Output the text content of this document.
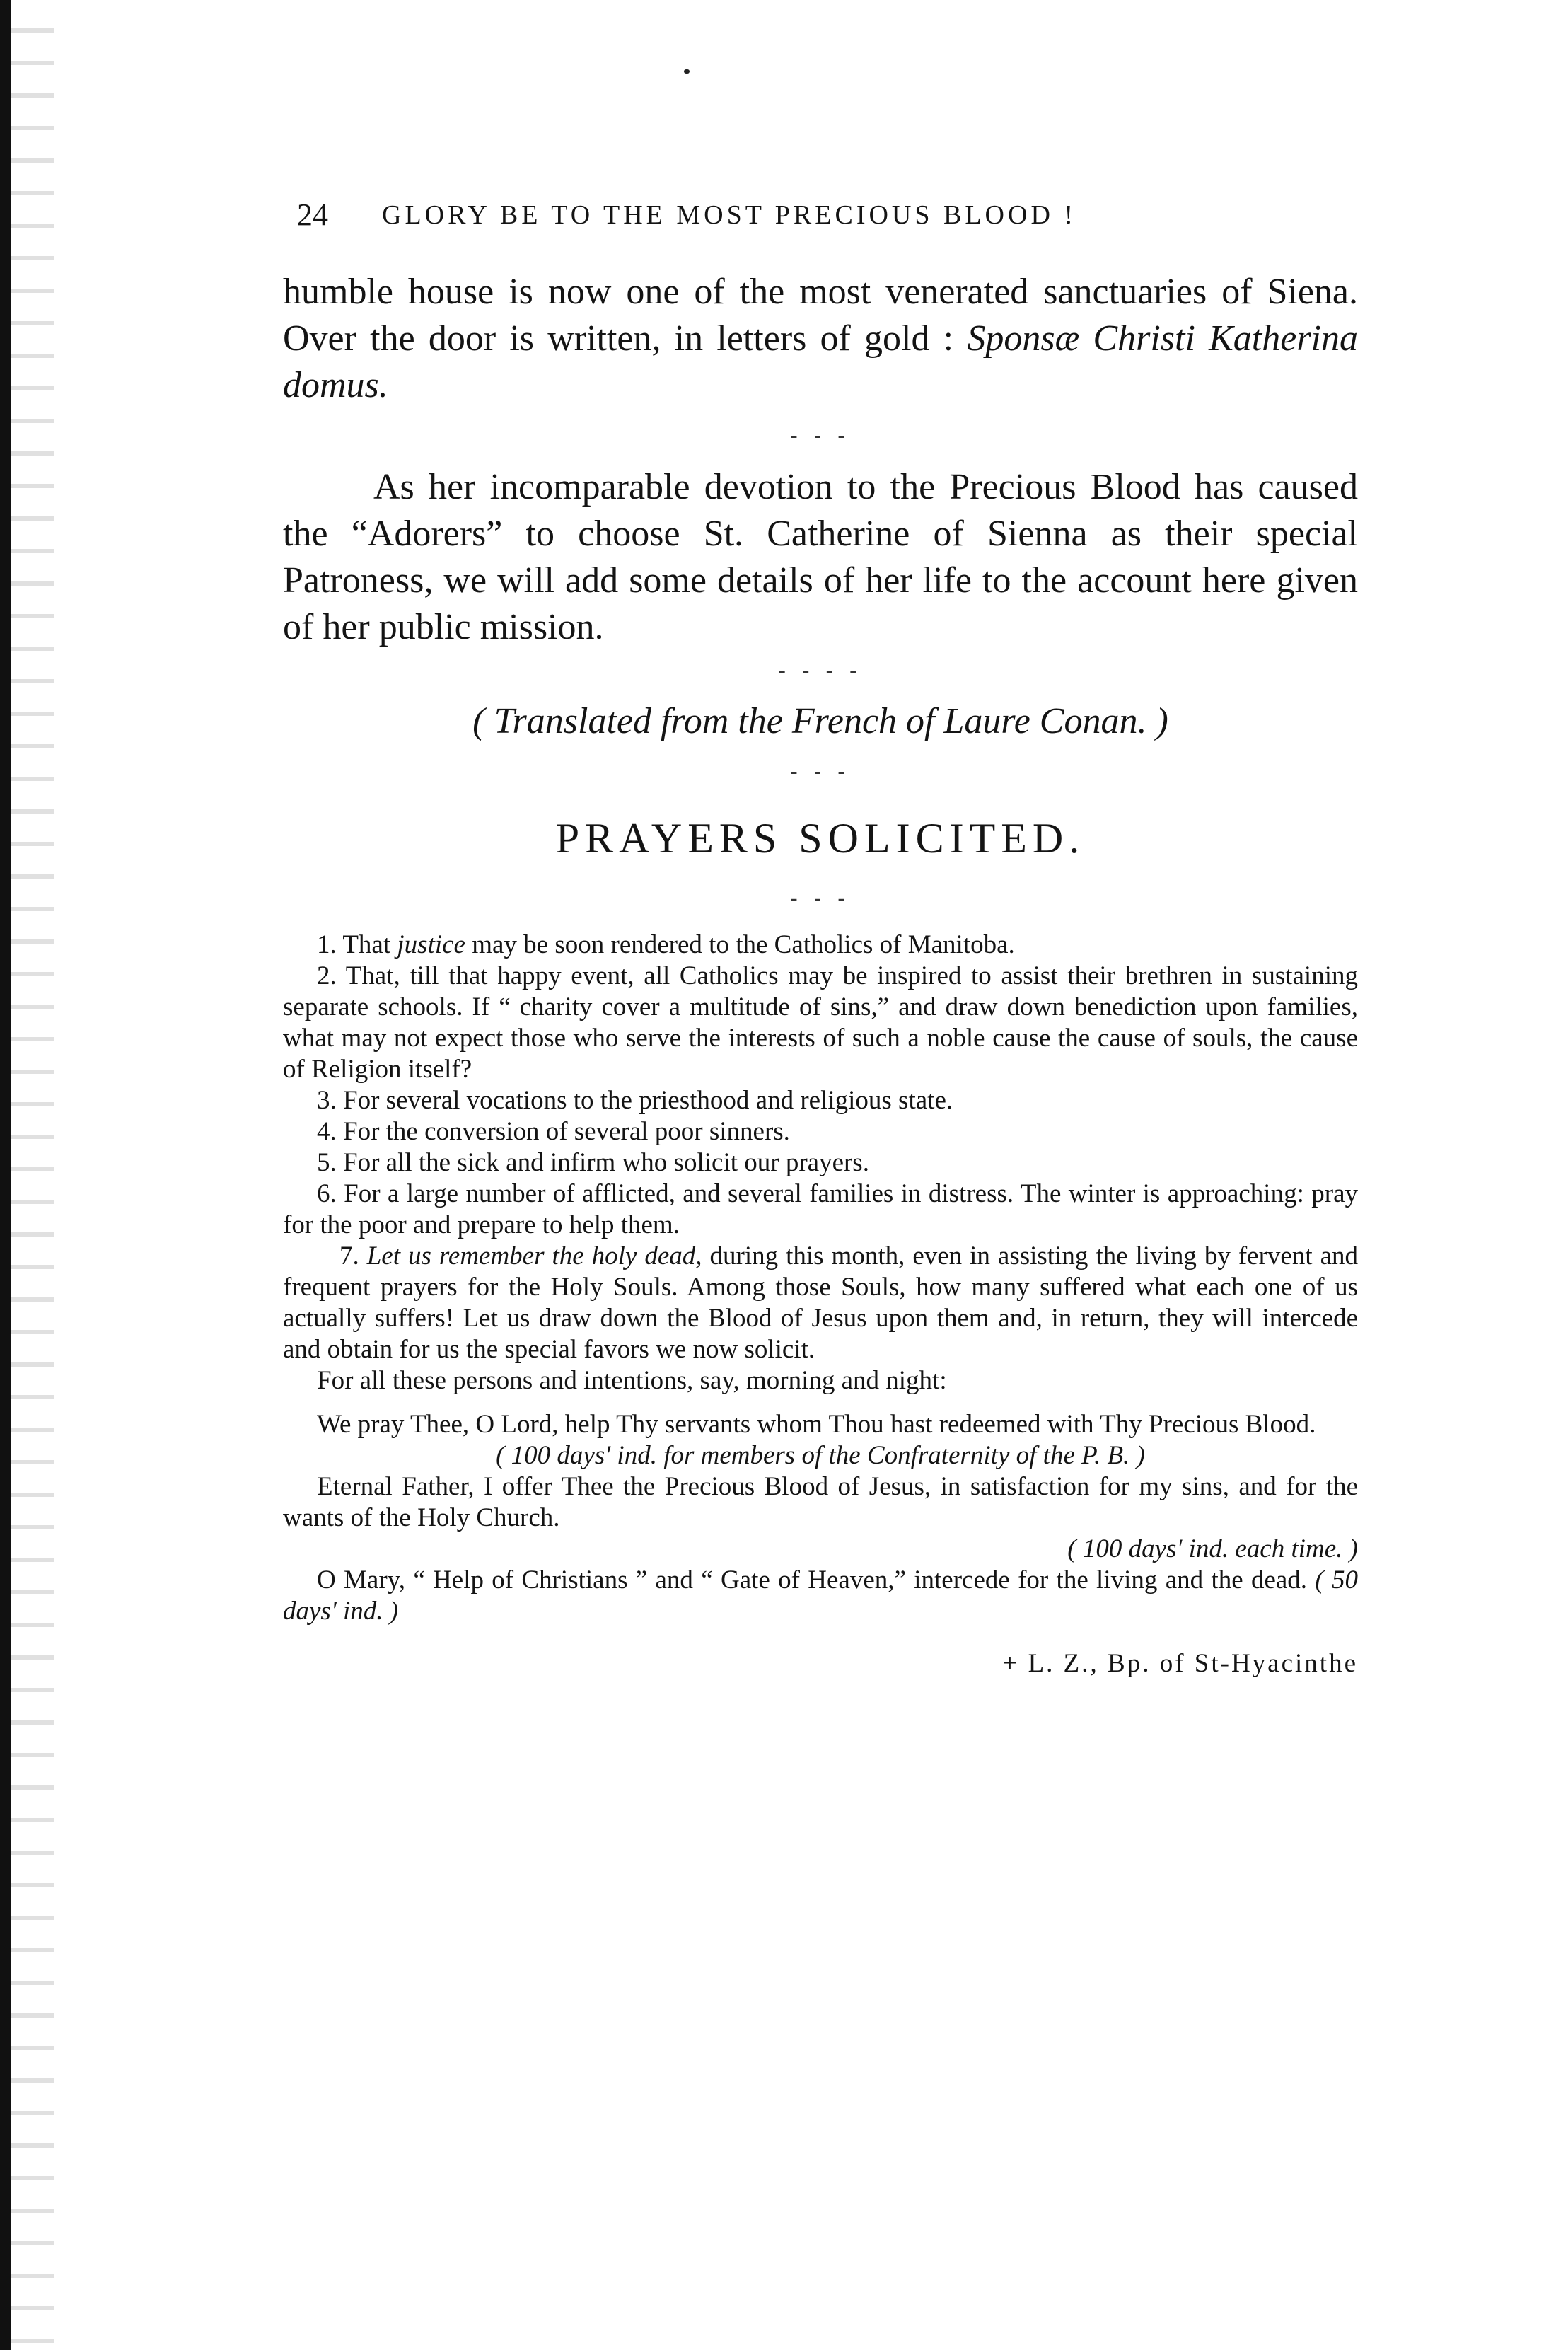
24 GLORY BE TO THE MOST PRECIOUS BLOOD !

humble house is now one of the most venerated sanctuaries of Siena. Over the door is written, in letters of gold : Sponsæ Christi Katherina domus.

- - -

As her incomparable devotion to the Precious Blood has caused the “Adorers” to choose St. Catherine of Sienna as their special Patroness, we will add some details of her life to the account here given of her public mission.

- - - -
( Translated from the French of Laure Conan. )
- - -
PRAYERS SOLICITED.
- - -

1. That justice may be soon rendered to the Catholics of Manitoba.

2. That, till that happy event, all Catholics may be inspired to assist their brethren in sustaining separate schools. If “ charity cover a multitude of sins,” and draw down benediction upon families, what may not expect those who serve the interests of such a noble cause the cause of souls, the cause of Religion itself?

3. For several vocations to the priesthood and religious state.

4. For the conversion of several poor sinners.

5. For all the sick and infirm who solicit our prayers.

6. For a large number of afflicted, and several families in distress. The winter is approaching: pray for the poor and prepare to help them.

7. Let us remember the holy dead, during this month, even in assisting the living by fervent and frequent prayers for the Holy Souls. Among those Souls, how many suffered what each one of us actually suffers! Let us draw down the Blood of Jesus upon them and, in return, they will intercede and obtain for us the special favors we now solicit.

For all these persons and intentions, say, morning and night:

We pray Thee, O Lord, help Thy servants whom Thou hast redeemed with Thy Precious Blood.

( 100 days' ind. for members of the Confraternity of the P. B. )

Eternal Father, I offer Thee the Precious Blood of Jesus, in satisfaction for my sins, and for the wants of the Holy Church.

( 100 days' ind. each time. )

O Mary, “ Help of Christians ” and “ Gate of Heaven,” intercede for the living and the dead. ( 50 days' ind. )

+ L. Z., Bp. of St-Hyacinthe
